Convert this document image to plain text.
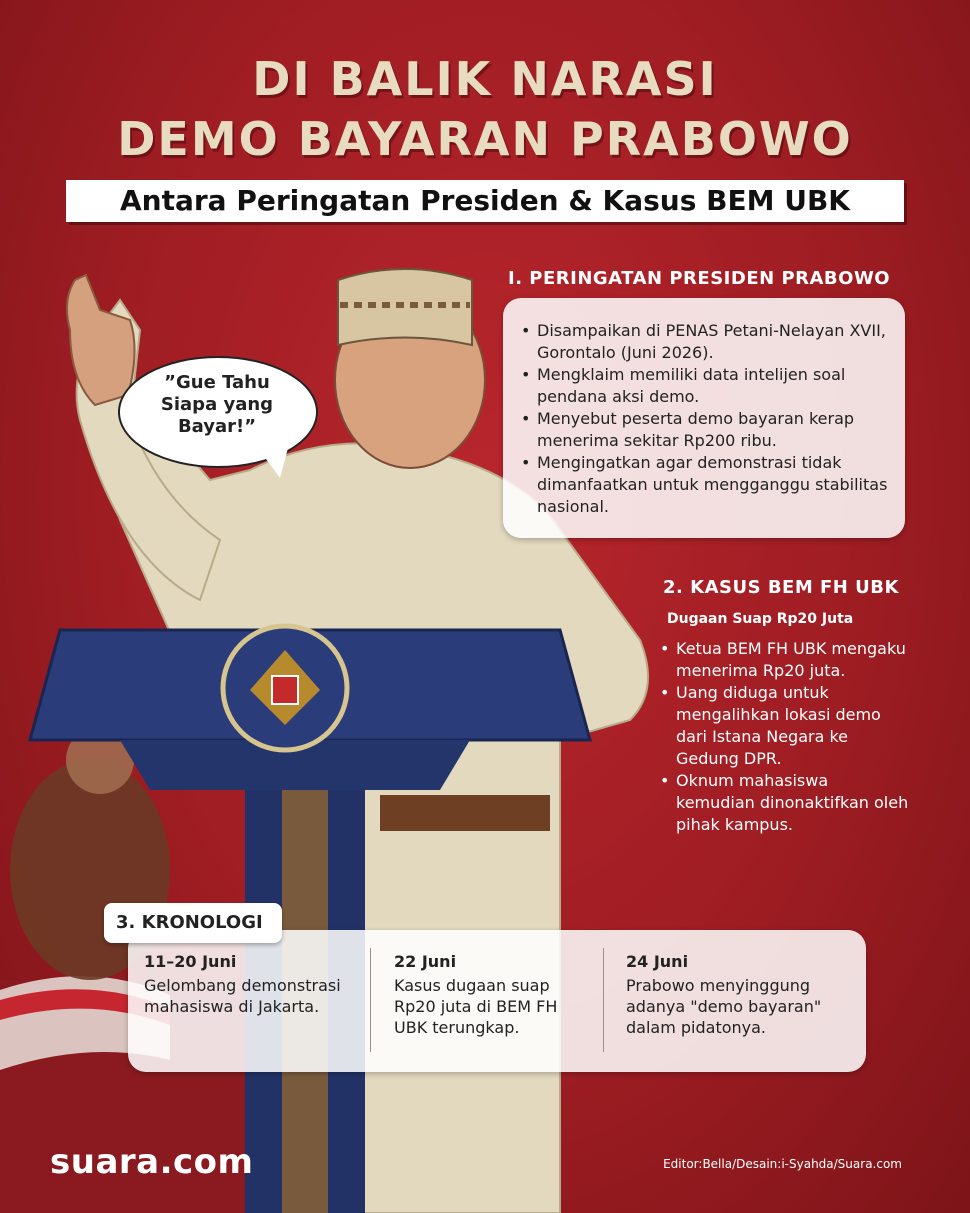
DI BALIK NARASI
DEMO BAYARAN PRABOWO
Antara Peringatan Presiden & Kasus BEM UBK
”Gue Tahu
Siapa yang
Bayar!”
I. PERINGATAN PRESIDEN PRABOWO
• Disampaikan di PENAS Petani-Nelayan XVII, Gorontalo (Juni 2026).
• Mengklaim memiliki data intelijen soal pendana aksi demo.
• Menyebut peserta demo bayaran kerap menerima sekitar Rp200 ribu.
• Mengingatkan agar demonstrasi tidak dimanfaatkan untuk mengganggu stabilitas nasional.
2. KASUS BEM FH UBK
Dugaan Suap Rp20 Juta
• Ketua BEM FH UBK mengaku menerima Rp20 juta.
• Uang diduga untuk mengalihkan lokasi demo dari Istana Negara ke Gedung DPR.
• Oknum mahasiswa kemudian dinonaktifkan oleh pihak kampus.
11–20 Juni
Gelombang demonstrasi mahasiswa di Jakarta.
22 Juni
Kasus dugaan suap Rp20 juta di BEM FH UBK terungkap.
24 Juni
Prabowo menyinggung adanya "demo bayaran" dalam pidatonya.
3. KRONOLOGI
suara.com	Editor:Bella/Desain:i-Syahda/Suara.com
